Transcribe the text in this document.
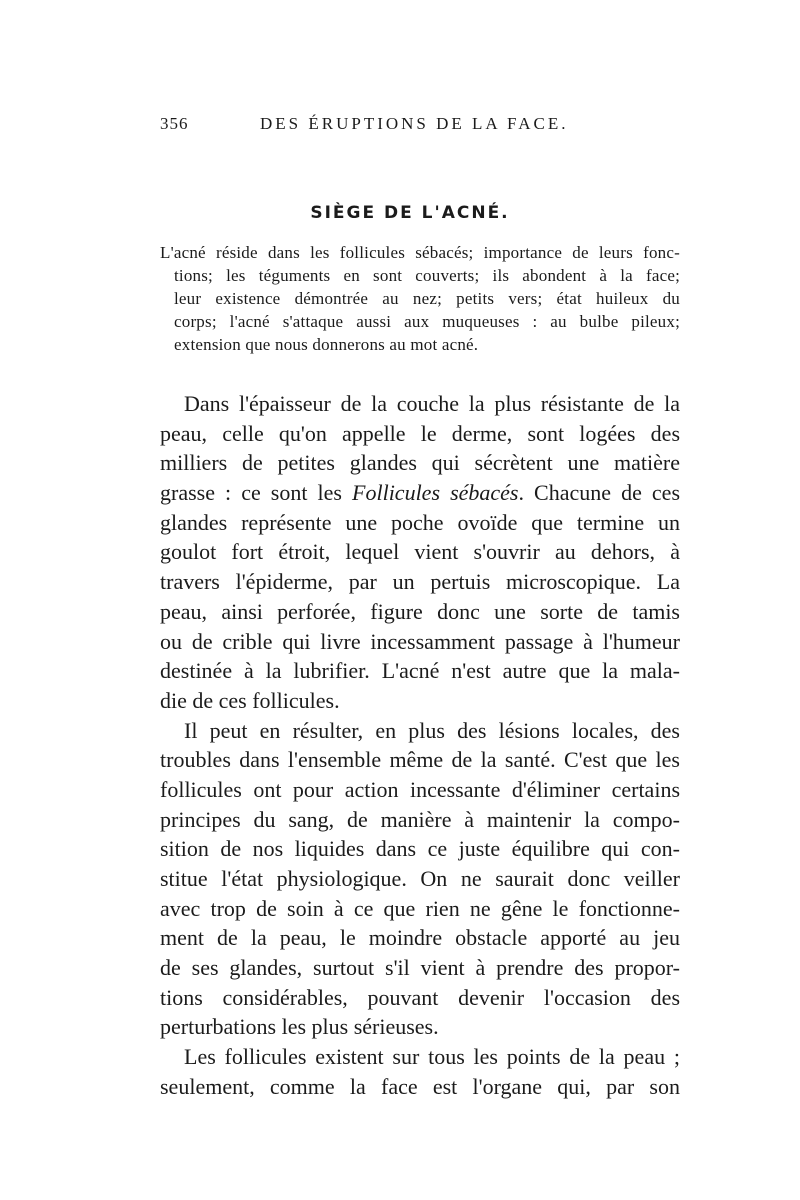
356	DES ÉRUPTIONS DE LA FACE.
SIÈGE DE L'ACNÉ.
L'acné réside dans les follicules sébacés; importance de leurs fonc-
tions; les téguments en sont couverts; ils abondent à la face;
leur existence démontrée au nez; petits vers; état huileux du
corps; l'acné s'attaque aussi aux muqueuses : au bulbe pileux;
extension que nous donnerons au mot acné.
Dans l'épaisseur de la couche la plus résistante de la
peau, celle qu'on appelle le derme, sont logées des
milliers de petites glandes qui sécrètent une matière
grasse : ce sont les Follicules sébacés. Chacune de ces
glandes représente une poche ovoïde que termine un
goulot fort étroit, lequel vient s'ouvrir au dehors, à
travers l'épiderme, par un pertuis microscopique. La
peau, ainsi perforée, figure donc une sorte de tamis
ou de crible qui livre incessamment passage à l'humeur
destinée à la lubrifier. L'acné n'est autre que la mala-
die de ces follicules.
Il peut en résulter, en plus des lésions locales, des
troubles dans l'ensemble même de la santé. C'est que les
follicules ont pour action incessante d'éliminer certains
principes du sang, de manière à maintenir la compo-
sition de nos liquides dans ce juste équilibre qui con-
stitue l'état physiologique. On ne saurait donc veiller
avec trop de soin à ce que rien ne gêne le fonctionne-
ment de la peau, le moindre obstacle apporté au jeu
de ses glandes, surtout s'il vient à prendre des propor-
tions considérables, pouvant devenir l'occasion des
perturbations les plus sérieuses.
Les follicules existent sur tous les points de la peau ;
seulement, comme la face est l'organe qui, par son
